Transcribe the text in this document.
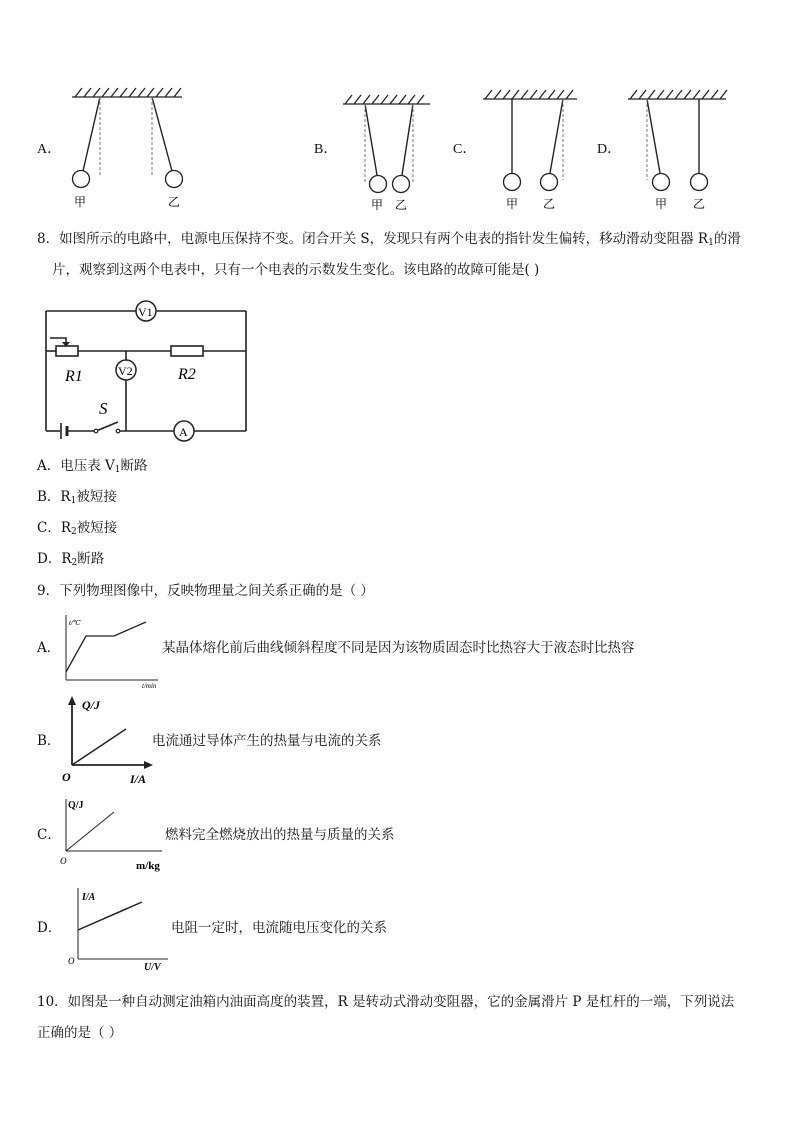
A．	B．	C．	D．
甲	乙	甲 乙	甲 乙	甲 乙
8．如图所示的电路中，电源电压保持不变。闭合开关 S，发现只有两个电表的指针发生偏转，移动滑动变阻器 $R_1$的滑
片，观察到这两个电表中，只有一个电表的示数发生变化。该电路的故障可能是( )
V1
V2
A
R1	R2
S
A．电压表 $V_1$断路
B．$R_1$被短接
C．$R_2$被短接
D．$R_2$断路
9．下列物理图像中，反映物理量之间关系正确的是（ ）
A．
t/℃
t/min
某晶体熔化前后曲线倾斜程度不同是因为该物质固态时比热容大于液态时比热容
B．
Q/J
O	I/A
电流通过导体产生的热量与电流的关系
C．
Q/J
O	m/kg
燃料完全燃烧放出的热量与质量的关系
D．
I/A
O
U/V
电阻一定时，电流随电压变化的关系
10．如图是一种自动测定油箱内油面高度的装置，R 是转动式滑动变阻器，它的金属滑片 P 是杠杆的一端，下列说法
正确的是（ ）
